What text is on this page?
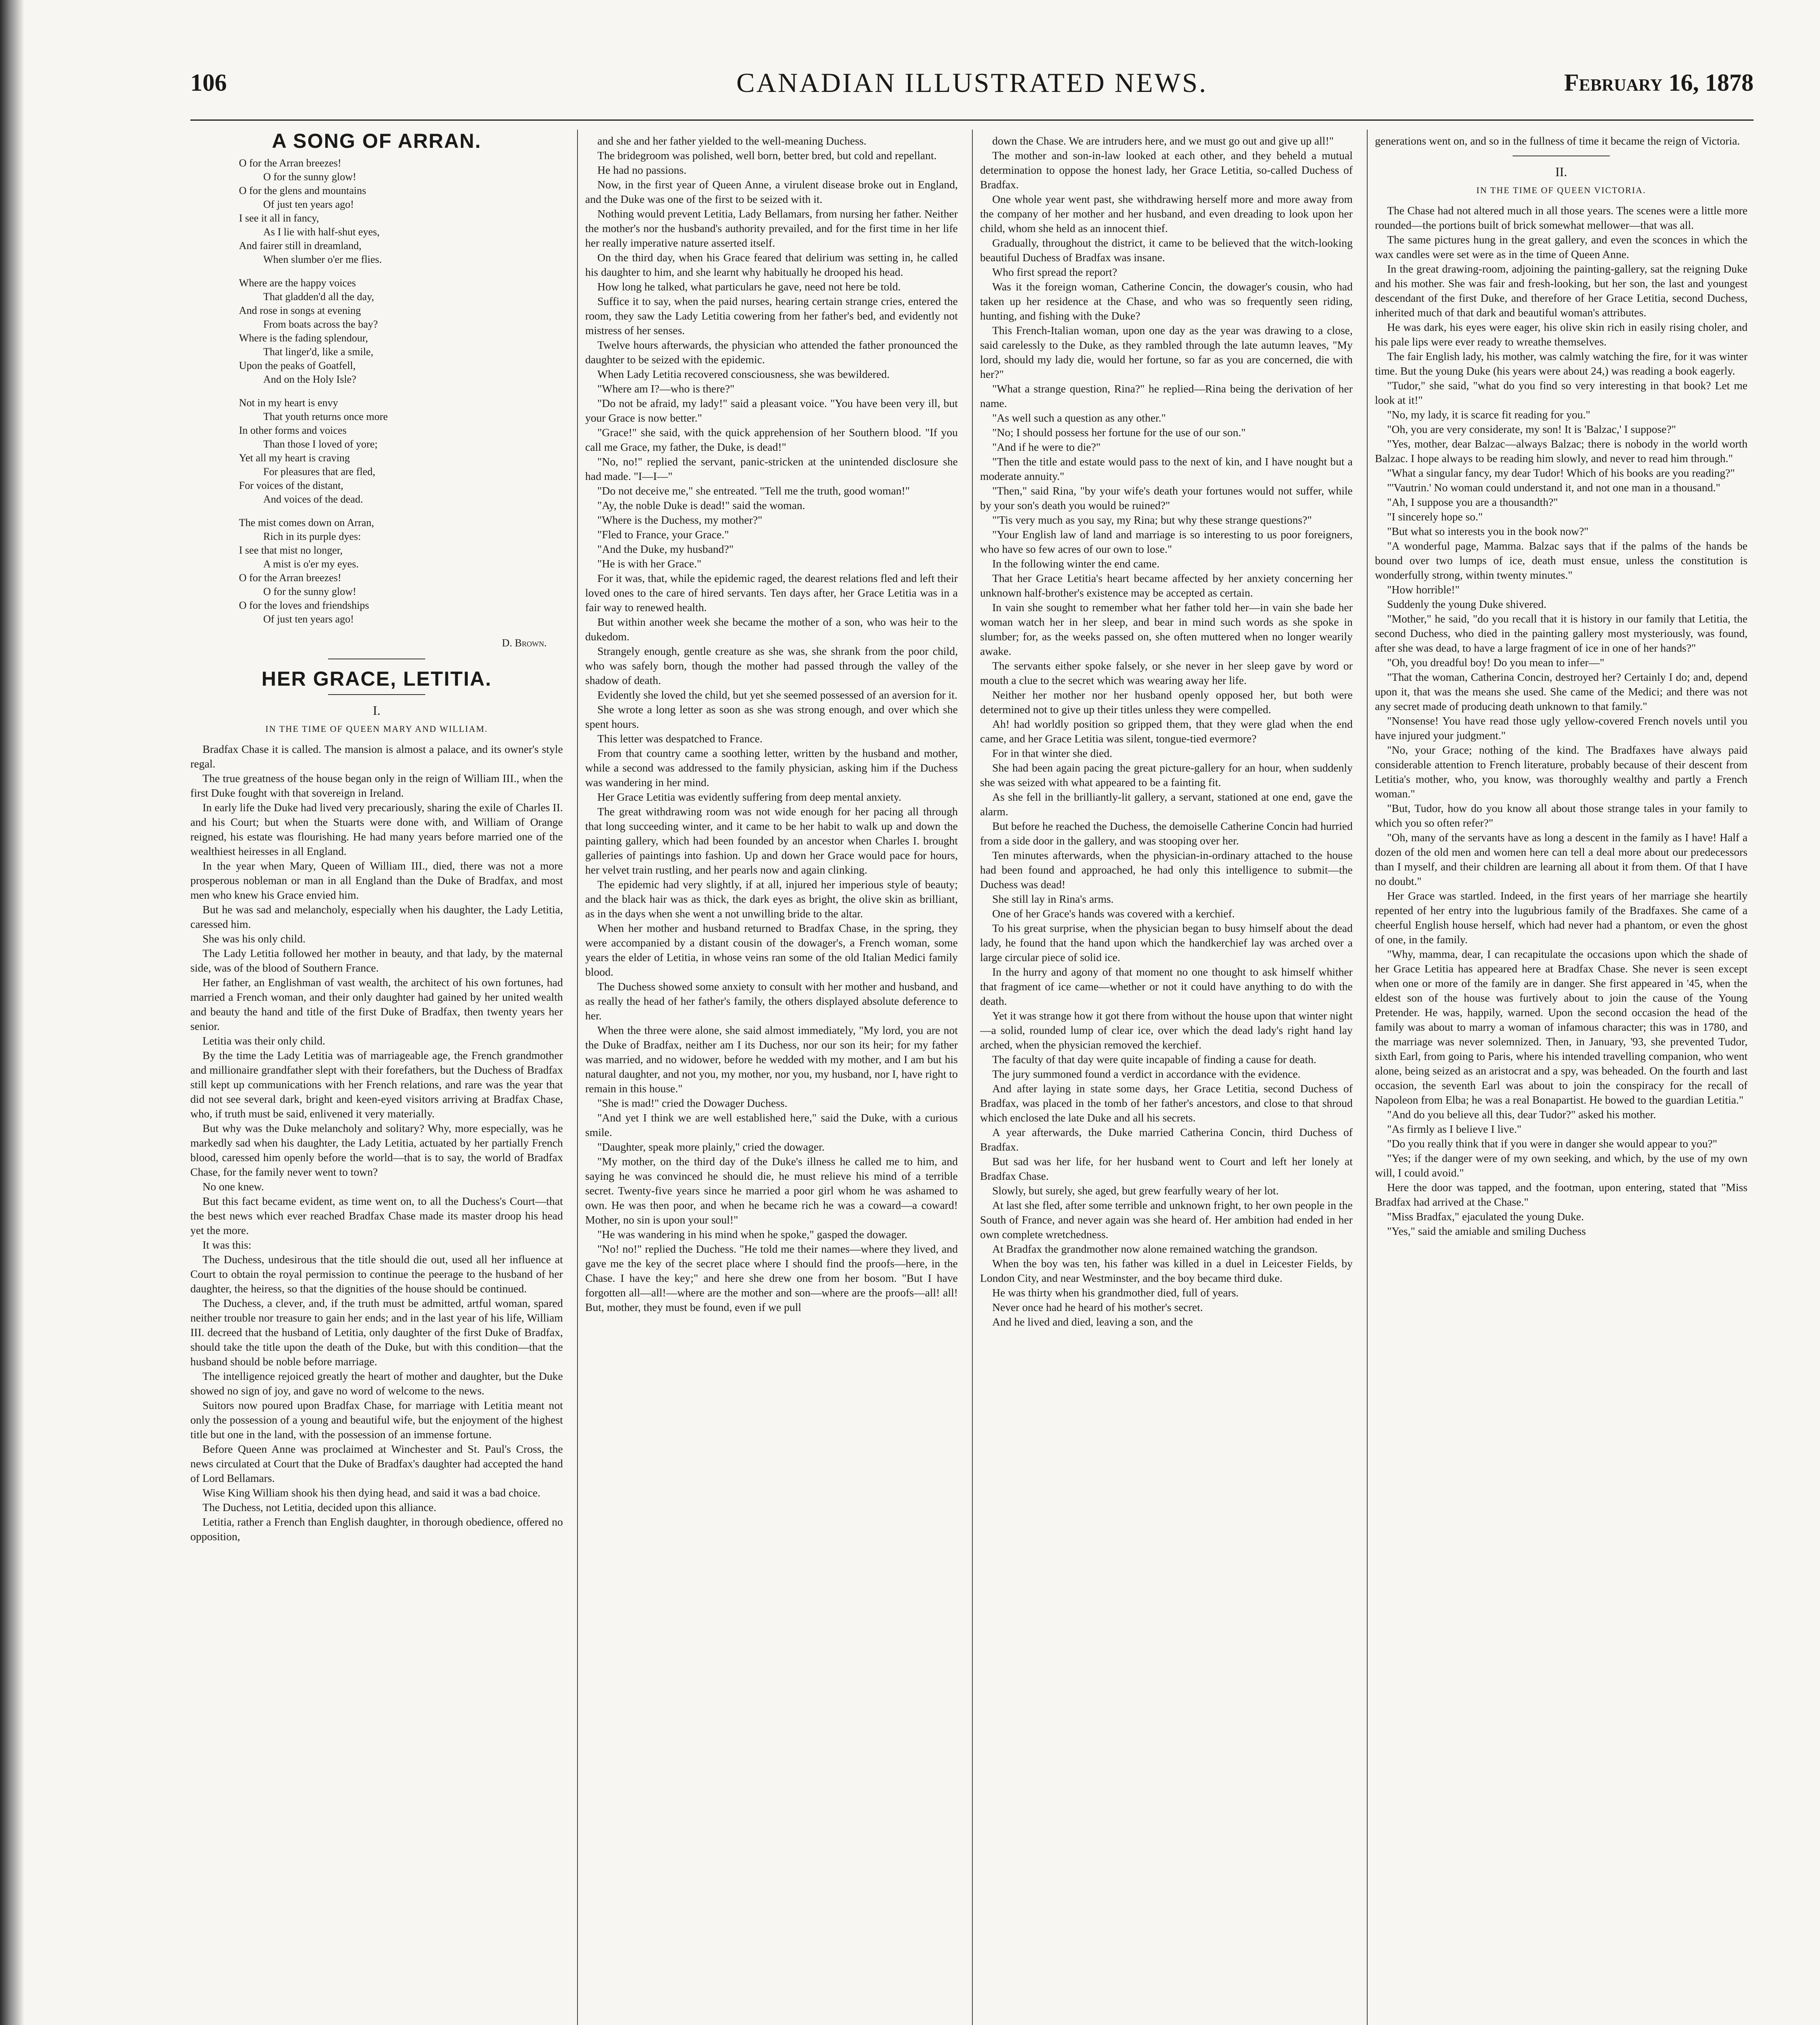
106	CANADIAN ILLUSTRATED NEWS.	February 16, 1878
A SONG OF ARRAN.
O for the Arran breezes!
O for the sunny glow!
O for the glens and mountains
Of just ten years ago!
I see it all in fancy,
As I lie with half-shut eyes,
And fairer still in dreamland,
When slumber o'er me flies.
Where are the happy voices
That gladden'd all the day,
And rose in songs at evening
From boats across the bay?
Where is the fading splendour,
That linger'd, like a smile,
Upon the peaks of Goatfell,
And on the Holy Isle?
Not in my heart is envy
That youth returns once more
In other forms and voices
Than those I loved of yore;
Yet all my heart is craving
For pleasures that are fled,
For voices of the distant,
And voices of the dead.
The mist comes down on Arran,
Rich in its purple dyes:
I see that mist no longer,
A mist is o'er my eyes.
O for the Arran breezes!
O for the sunny glow!
O for the loves and friendships
Of just ten years ago!
D. Brown.
HER GRACE, LETITIA.
I.
IN THE TIME OF QUEEN MARY AND WILLIAM.

Bradfax Chase it is called. The mansion is almost a palace, and its owner's style regal.

The true greatness of the house began only in the reign of William III., when the first Duke fought with that sovereign in Ireland.

In early life the Duke had lived very precariously, sharing the exile of Charles II. and his Court; but when the Stuarts were done with, and William of Orange reigned, his estate was flourishing. He had many years before married one of the wealthiest heiresses in all England.

In the year when Mary, Queen of William III., died, there was not a more prosperous nobleman or man in all England than the Duke of Bradfax, and most men who knew his Grace envied him.

But he was sad and melancholy, especially when his daughter, the Lady Letitia, caressed him.

She was his only child.

The Lady Letitia followed her mother in beauty, and that lady, by the maternal side, was of the blood of Southern France.

Her father, an Englishman of vast wealth, the architect of his own fortunes, had married a French woman, and their only daughter had gained by her united wealth and beauty the hand and title of the first Duke of Bradfax, then twenty years her senior.

Letitia was their only child.

By the time the Lady Letitia was of marriageable age, the French grandmother and millionaire grandfather slept with their forefathers, but the Duchess of Bradfax still kept up communications with her French relations, and rare was the year that did not see several dark, bright and keen-eyed visitors arriving at Bradfax Chase, who, if truth must be said, enlivened it very materially.

But why was the Duke melancholy and solitary? Why, more especially, was he markedly sad when his daughter, the Lady Letitia, actuated by her partially French blood, caressed him openly before the world—that is to say, the world of Bradfax Chase, for the family never went to town?

No one knew.

But this fact became evident, as time went on, to all the Duchess's Court—that the best news which ever reached Bradfax Chase made its master droop his head yet the more.

It was this:

The Duchess, undesirous that the title should die out, used all her influence at Court to obtain the royal permission to continue the peerage to the husband of her daughter, the heiress, so that the dignities of the house should be continued.

The Duchess, a clever, and, if the truth must be admitted, artful woman, spared neither trouble nor treasure to gain her ends; and in the last year of his life, William III. decreed that the husband of Letitia, only daughter of the first Duke of Bradfax, should take the title upon the death of the Duke, but with this condition—that the husband should be noble before marriage.

The intelligence rejoiced greatly the heart of mother and daughter, but the Duke showed no sign of joy, and gave no word of welcome to the news.

Suitors now poured upon Bradfax Chase, for marriage with Letitia meant not only the possession of a young and beautiful wife, but the enjoyment of the highest title but one in the land, with the possession of an immense fortune.

Before Queen Anne was proclaimed at Winchester and St. Paul's Cross, the news circulated at Court that the Duke of Bradfax's daughter had accepted the hand of Lord Bellamars.

Wise King William shook his then dying head, and said it was a bad choice.

The Duchess, not Letitia, decided upon this alliance.

Letitia, rather a French than English daughter, in thorough obedience, offered no opposition,

and she and her father yielded to the well-meaning Duchess.

The bridegroom was polished, well born, better bred, but cold and repellant.

He had no passions.

Now, in the first year of Queen Anne, a virulent disease broke out in England, and the Duke was one of the first to be seized with it.

Nothing would prevent Letitia, Lady Bellamars, from nursing her father. Neither the mother's nor the husband's authority prevailed, and for the first time in her life her really imperative nature asserted itself.

On the third day, when his Grace feared that delirium was setting in, he called his daughter to him, and she learnt why habitually he drooped his head.

How long he talked, what particulars he gave, need not here be told.

Suffice it to say, when the paid nurses, hearing certain strange cries, entered the room, they saw the Lady Letitia cowering from her father's bed, and evidently not mistress of her senses.

Twelve hours afterwards, the physician who attended the father pronounced the daughter to be seized with the epidemic.

When Lady Letitia recovered consciousness, she was bewildered.

"Where am I?—who is there?"

"Do not be afraid, my lady!" said a pleasant voice. "You have been very ill, but your Grace is now better."

"Grace!" she said, with the quick apprehension of her Southern blood. "If you call me Grace, my father, the Duke, is dead!"

"No, no!" replied the servant, panic-stricken at the unintended disclosure she had made. "I—I—"

"Do not deceive me," she entreated. "Tell me the truth, good woman!"

"Ay, the noble Duke is dead!" said the woman.

"Where is the Duchess, my mother?"

"Fled to France, your Grace."

"And the Duke, my husband?"

"He is with her Grace."

For it was, that, while the epidemic raged, the dearest relations fled and left their loved ones to the care of hired servants. Ten days after, her Grace Letitia was in a fair way to renewed health.

But within another week she became the mother of a son, who was heir to the dukedom.

Strangely enough, gentle creature as she was, she shrank from the poor child, who was safely born, though the mother had passed through the valley of the shadow of death.

Evidently she loved the child, but yet she seemed possessed of an aversion for it.

She wrote a long letter as soon as she was strong enough, and over which she spent hours.

This letter was despatched to France.

From that country came a soothing letter, written by the husband and mother, while a second was addressed to the family physician, asking him if the Duchess was wandering in her mind.

Her Grace Letitia was evidently suffering from deep mental anxiety.

The great withdrawing room was not wide enough for her pacing all through that long succeeding winter, and it came to be her habit to walk up and down the painting gallery, which had been founded by an ancestor when Charles I. brought galleries of paintings into fashion. Up and down her Grace would pace for hours, her velvet train rustling, and her pearls now and again clinking.

The epidemic had very slightly, if at all, injured her imperious style of beauty; and the black hair was as thick, the dark eyes as bright, the olive skin as brilliant, as in the days when she went a not unwilling bride to the altar.

When her mother and husband returned to Bradfax Chase, in the spring, they were accompanied by a distant cousin of the dowager's, a French woman, some years the elder of Letitia, in whose veins ran some of the old Italian Medici family blood.

The Duchess showed some anxiety to consult with her mother and husband, and as really the head of her father's family, the others displayed absolute deference to her.

When the three were alone, she said almost immediately, "My lord, you are not the Duke of Bradfax, neither am I its Duchess, nor our son its heir; for my father was married, and no widower, before he wedded with my mother, and I am but his natural daughter, and not you, my mother, nor you, my husband, nor I, have right to remain in this house."

"She is mad!" cried the Dowager Duchess.

"And yet I think we are well established here," said the Duke, with a curious smile.

"Daughter, speak more plainly," cried the dowager.

"My mother, on the third day of the Duke's illness he called me to him, and saying he was convinced he should die, he must relieve his mind of a terrible secret. Twenty-five years since he married a poor girl whom he was ashamed to own. He was then poor, and when he became rich he was a coward—a coward! Mother, no sin is upon your soul!"

"He was wandering in his mind when he spoke," gasped the dowager.

"No! no!" replied the Duchess. "He told me their names—where they lived, and gave me the key of the secret place where I should find the proofs—here, in the Chase. I have the key;" and here she drew one from her bosom. "But I have forgotten all—all!—where are the mother and son—where are the proofs—all! all! But, mother, they must be found, even if we pull

down the Chase. We are intruders here, and we must go out and give up all!"

The mother and son-in-law looked at each other, and they beheld a mutual determination to oppose the honest lady, her Grace Letitia, so-called Duchess of Bradfax.

One whole year went past, she withdrawing herself more and more away from the company of her mother and her husband, and even dreading to look upon her child, whom she held as an innocent thief.

Gradually, throughout the district, it came to be believed that the witch-looking beautiful Duchess of Bradfax was insane.

Who first spread the report?

Was it the foreign woman, Catherine Concin, the dowager's cousin, who had taken up her residence at the Chase, and who was so frequently seen riding, hunting, and fishing with the Duke?

This French-Italian woman, upon one day as the year was drawing to a close, said carelessly to the Duke, as they rambled through the late autumn leaves, "My lord, should my lady die, would her fortune, so far as you are concerned, die with her?"

"What a strange question, Rina?" he replied—Rina being the derivation of her name.

"As well such a question as any other."

"No; I should possess her fortune for the use of our son."

"And if he were to die?"

"Then the title and estate would pass to the next of kin, and I have nought but a moderate annuity."

"Then," said Rina, "by your wife's death your fortunes would not suffer, while by your son's death you would be ruined?"

"'Tis very much as you say, my Rina; but why these strange questions?"

"Your English law of land and marriage is so interesting to us poor foreigners, who have so few acres of our own to lose."

In the following winter the end came.

That her Grace Letitia's heart became affected by her anxiety concerning her unknown half-brother's existence may be accepted as certain.

In vain she sought to remember what her father told her—in vain she bade her woman watch her in her sleep, and bear in mind such words as she spoke in slumber; for, as the weeks passed on, she often muttered when no longer wearily awake.

The servants either spoke falsely, or she never in her sleep gave by word or mouth a clue to the secret which was wearing away her life.

Neither her mother nor her husband openly opposed her, but both were determined not to give up their titles unless they were compelled.

Ah! had worldly position so gripped them, that they were glad when the end came, and her Grace Letitia was silent, tongue-tied evermore?

For in that winter she died.

She had been again pacing the great picture-gallery for an hour, when suddenly she was seized with what appeared to be a fainting fit.

As she fell in the brilliantly-lit gallery, a servant, stationed at one end, gave the alarm.

But before he reached the Duchess, the demoiselle Catherine Concin had hurried from a side door in the gallery, and was stooping over her.

Ten minutes afterwards, when the physician-in-ordinary attached to the house had been found and approached, he had only this intelligence to submit—the Duchess was dead!

She still lay in Rina's arms.

One of her Grace's hands was covered with a kerchief.

To his great surprise, when the physician began to busy himself about the dead lady, he found that the hand upon which the handkerchief lay was arched over a large circular piece of solid ice.

In the hurry and agony of that moment no one thought to ask himself whither that fragment of ice came—whether or not it could have anything to do with the death.

Yet it was strange how it got there from without the house upon that winter night—a solid, rounded lump of clear ice, over which the dead lady's right hand lay arched, when the physician removed the kerchief.

The faculty of that day were quite incapable of finding a cause for death.

The jury summoned found a verdict in accordance with the evidence.

And after laying in state some days, her Grace Letitia, second Duchess of Bradfax, was placed in the tomb of her father's ancestors, and close to that shroud which enclosed the late Duke and all his secrets.

A year afterwards, the Duke married Catherina Concin, third Duchess of Bradfax.

But sad was her life, for her husband went to Court and left her lonely at Bradfax Chase.

Slowly, but surely, she aged, but grew fearfully weary of her lot.

At last she fled, after some terrible and unknown fright, to her own people in the South of France, and never again was she heard of. Her ambition had ended in her own complete wretchedness.

At Bradfax the grandmother now alone remained watching the grandson.

When the boy was ten, his father was killed in a duel in Leicester Fields, by London City, and near Westminster, and the boy became third duke.

He was thirty when his grandmother died, full of years.

Never once had he heard of his mother's secret.

And he lived and died, leaving a son, and the

generations went on, and so in the fullness of time it became the reign of Victoria.

II.
IN THE TIME OF QUEEN VICTORIA.

The Chase had not altered much in all those years. The scenes were a little more rounded—the portions built of brick somewhat mellower—that was all.

The same pictures hung in the great gallery, and even the sconces in which the wax candles were set were as in the time of Queen Anne.

In the great drawing-room, adjoining the painting-gallery, sat the reigning Duke and his mother. She was fair and fresh-looking, but her son, the last and youngest descendant of the first Duke, and therefore of her Grace Letitia, second Duchess, inherited much of that dark and beautiful woman's attributes.

He was dark, his eyes were eager, his olive skin rich in easily rising choler, and his pale lips were ever ready to wreathe themselves.

The fair English lady, his mother, was calmly watching the fire, for it was winter time. But the young Duke (his years were about 24,) was reading a book eagerly.

"Tudor," she said, "what do you find so very interesting in that book? Let me look at it!"

"No, my lady, it is scarce fit reading for you."

"Oh, you are very considerate, my son! It is 'Balzac,' I suppose?"

"Yes, mother, dear Balzac—always Balzac; there is nobody in the world worth Balzac. I hope always to be reading him slowly, and never to read him through."

"What a singular fancy, my dear Tudor! Which of his books are you reading?"

"'Vautrin.' No woman could understand it, and not one man in a thousand."

"Ah, I suppose you are a thousandth?"

"I sincerely hope so."

"But what so interests you in the book now?"

"A wonderful page, Mamma. Balzac says that if the palms of the hands be bound over two lumps of ice, death must ensue, unless the constitution is wonderfully strong, within twenty minutes."

"How horrible!"

Suddenly the young Duke shivered.

"Mother," he said, "do you recall that it is history in our family that Letitia, the second Duchess, who died in the painting gallery most mysteriously, was found, after she was dead, to have a large fragment of ice in one of her hands?"

"Oh, you dreadful boy! Do you mean to infer—"

"That the woman, Catherina Concin, destroyed her? Certainly I do; and, depend upon it, that was the means she used. She came of the Medici; and there was not any secret made of producing death unknown to that family."

"Nonsense! You have read those ugly yellow-covered French novels until you have injured your judgment."

"No, your Grace; nothing of the kind. The Bradfaxes have always paid considerable attention to French literature, probably because of their descent from Letitia's mother, who, you know, was thoroughly wealthy and partly a French woman."

"But, Tudor, how do you know all about those strange tales in your family to which you so often refer?"

"Oh, many of the servants have as long a descent in the family as I have! Half a dozen of the old men and women here can tell a deal more about our predecessors than I myself, and their children are learning all about it from them. Of that I have no doubt."

Her Grace was startled. Indeed, in the first years of her marriage she heartily repented of her entry into the lugubrious family of the Bradfaxes. She came of a cheerful English house herself, which had never had a phantom, or even the ghost of one, in the family.

"Why, mamma, dear, I can recapitulate the occasions upon which the shade of her Grace Letitia has appeared here at Bradfax Chase. She never is seen except when one or more of the family are in danger. She first appeared in '45, when the eldest son of the house was furtively about to join the cause of the Young Pretender. He was, happily, warned. Upon the second occasion the head of the family was about to marry a woman of infamous character; this was in 1780, and the marriage was never solemnized. Then, in January, '93, she prevented Tudor, sixth Earl, from going to Paris, where his intended travelling companion, who went alone, being seized as an aristocrat and a spy, was beheaded. On the fourth and last occasion, the seventh Earl was about to join the conspiracy for the recall of Napoleon from Elba; he was a real Bonapartist. He bowed to the guardian Letitia."

"And do you believe all this, dear Tudor?" asked his mother.

"As firmly as I believe I live."

"Do you really think that if you were in danger she would appear to you?"

"Yes; if the danger were of my own seeking, and which, by the use of my own will, I could avoid."

Here the door was tapped, and the footman, upon entering, stated that "Miss Bradfax had arrived at the Chase."

"Miss Bradfax," ejaculated the young Duke.

"Yes," said the amiable and smiling Duchess
